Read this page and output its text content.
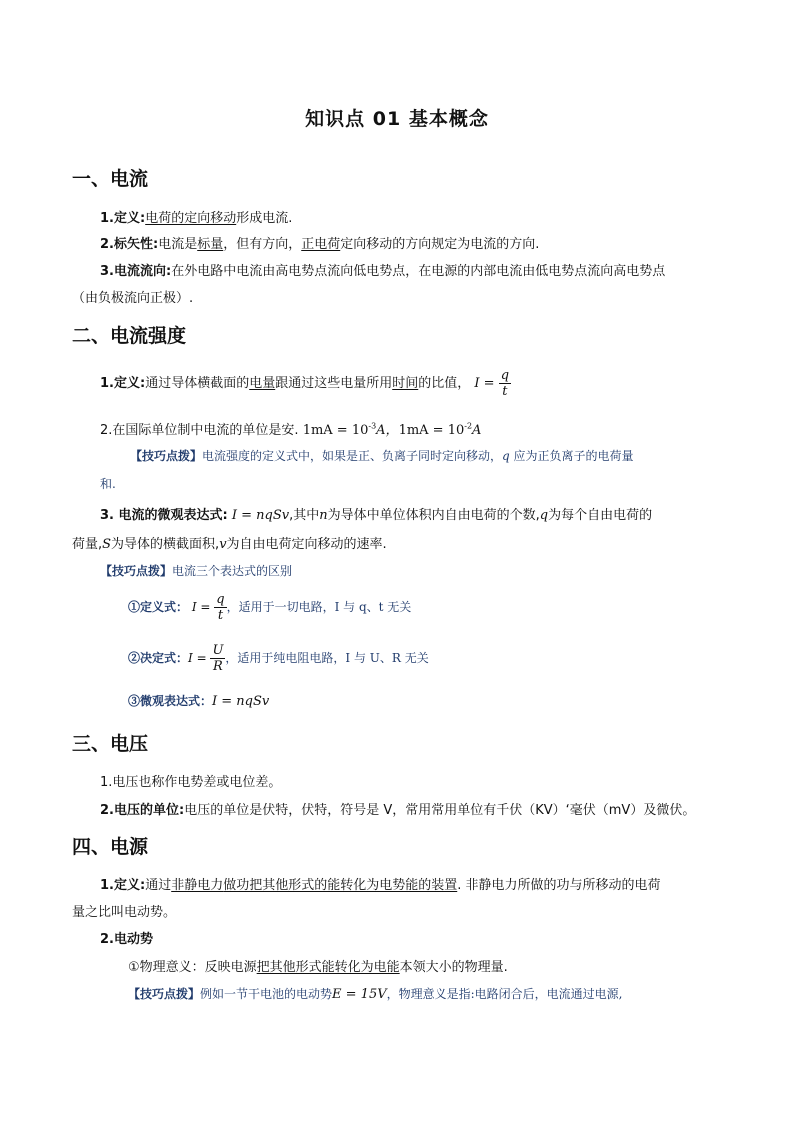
知识点 01 基本概念
一、电流
1.定义:电荷的定向移动形成电流.
2.标矢性:电流是标量，但有方向，正电荷定向移动的方向规定为电流的方向.
3.电流流向:在外电路中电流由高电势点流向低电势点，在电源的内部电流由低电势点流向高电势点
（由负极流向正极）.
二、电流强度
1.定义:通过导体横截面的电量跟通过这些电量所用时间的比值， $I = \frac{q}{t}$
2.在国际单位制中电流的单位是安. $1mA = 10^{-3}A$，$1mA = 10^{-2}A$
【技巧点拨】电流强度的定义式中，如果是正、负离子同时定向移动，q 应为正负离子的电荷量
和.
3. 电流的微观表达式: I = nqSv,其中n为导体中单位体积内自由电荷的个数,q为每个自由电荷的
荷量,S为导体的横截面积,v为自由电荷定向移动的速率.
【技巧点拨】电流三个表达式的区别
①定义式： $I = \frac{q}{t}$ ，适用于一切电路，I 与 q、t 无关
②决定式：$I = \frac{U}{R}$ ，适用于纯电阻电路，I 与 U、R 无关
③微观表达式：I = nqSv
三、电压
1.电压也称作电势差或电位差。
2.电压的单位:电压的单位是伏特，伏特，符号是 V，常用常用单位有千伏（KV）‘毫伏（mV）及微伏。
四、电源
1.定义:通过非静电力做功把其他形式的能转化为电势能的装置. 非静电力所做的功与所移动的电荷
量之比叫电动势。
2.电动势
①物理意义：反映电源把其他形式能转化为电能本领大小的物理量.
【技巧点拨】例如一节干电池的电动势E = 15V，物理意义是指:电路闭合后，电流通过电源,
